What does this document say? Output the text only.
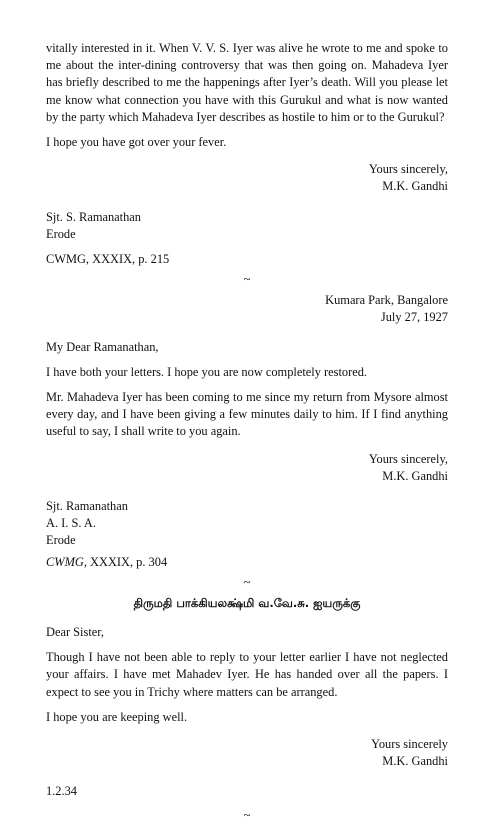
vitally interested in it. When V. V. S. Iyer was alive he wrote to me and spoke to me about the inter-dining controversy that was then going on. Mahadeva Iyer has briefly described to me the happenings after Iyer’s death. Will you please let me know what connection you have with this Gurukul and what is now wanted by the party which Mahadeva Iyer describes as hostile to him or to the Gurukul?

I hope you have got over your fever.

Yours sincerely,

M.K. Gandhi

Sjt. S. Ramanathan

Erode

CWMG, XXXIX, p. 215

~

Kumara Park, Bangalore

July 27, 1927

My Dear Ramanathan,

I have both your letters. I hope you are now completely restored.

Mr. Mahadeva Iyer has been coming to me since my return from Mysore almost every day, and I have been giving a few minutes daily to him. If I find anything useful to say, I shall write to you again.

Yours sincerely,

M.K. Gandhi

Sjt. Ramanathan

A. I. S. A.

Erode

CWMG, XXXIX, p. 304

~

திருமதி பாக்கியலக்ஷ்மி வ.வே.சு. ஐயருக்கு

Dear Sister,

Though I have not been able to reply to your letter earlier I have not neglected your affairs. I have met Mahadev Iyer. He has handed over all the papers. I expect to see you in Trichy where matters can be arranged.

I hope you are keeping well.

Yours sincerely

M.K. Gandhi

1.2.34

~
